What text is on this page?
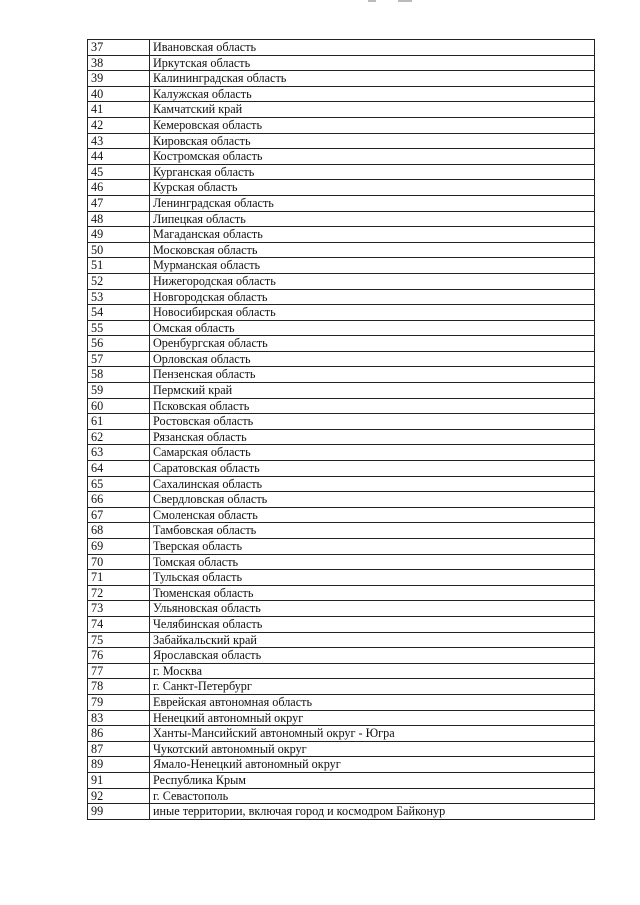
37	Ивановская область
38	Иркутская область
39	Калининградская область
40	Калужская область
41	Камчатский край
42	Кемеровская область
43	Кировская область
44	Костромская область
45	Курганская область
46	Курская область
47	Ленинградская область
48	Липецкая область
49	Магаданская область
50	Московская область
51	Мурманская область
52	Нижегородская область
53	Новгородская область
54	Новосибирская область
55	Омская область
56	Оренбургская область
57	Орловская область
58	Пензенская область
59	Пермский край
60	Псковская область
61	Ростовская область
62	Рязанская область
63	Самарская область
64	Саратовская область
65	Сахалинская область
66	Свердловская область
67	Смоленская область
68	Тамбовская область
69	Тверская область
70	Томская область
71	Тульская область
72	Тюменская область
73	Ульяновская область
74	Челябинская область
75	Забайкальский край
76	Ярославская область
77	г. Москва
78	г. Санкт-Петербург
79	Еврейская автономная область
83	Ненецкий автономный округ
86	Ханты-Мансийский автономный округ - Югра
87	Чукотский автономный округ
89	Ямало-Ненецкий автономный округ
91	Республика Крым
92	г. Севастополь
99	иные территории, включая город и космодром Байконур
